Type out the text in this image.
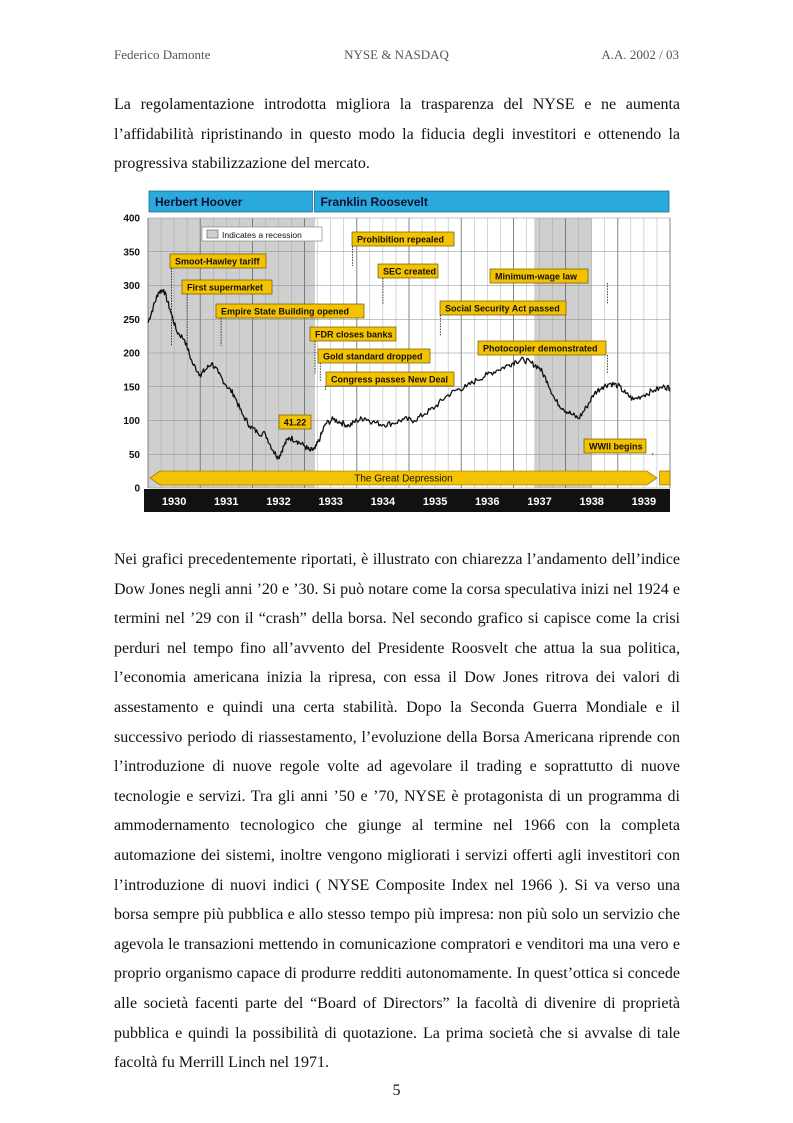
Federico Damonte	NYSE & NASDAQ	A.A. 2002 / 03

La regolamentazione introdotta migliora la trasparenza del NYSE e ne aumenta l’affidabilità ripristinando in questo modo la fiducia degli investitori e ottenendo la progressiva stabilizzazione del mercato.

Herbert Hoover	Franklin Roosevelt
0
50
100
150
200
250
300
350
400
1930	1931	1932	1933	1934	1935	1936	1937	1938	1939
Indicates a recession
The Great Depression
Smoot-Hawley tariff
First supermarket
Empire State Building opened
FDR closes banks
Gold standard dropped
Congress passes New Deal
Prohibition repealed
SEC created
Social Security Act passed
Photocopier demonstrated
Minimum-wage law
WWII begins
41.22

Nei grafici precedentemente riportati, è illustrato con chiarezza l’andamento dell’indice Dow Jones negli anni ’20 e ’30. Si può notare come la corsa speculativa inizi nel 1924 e termini nel ’29 con il “crash” della borsa. Nel secondo grafico si capisce come la crisi perduri nel tempo fino all’avvento del Presidente Roosvelt che attua la sua politica, l’economia americana inizia la ripresa, con essa il Dow Jones ritrova dei valori di assestamento e quindi una certa stabilità. Dopo la Seconda Guerra Mondiale e il successivo periodo di riassestamento, l’evoluzione della Borsa Americana riprende con l’introduzione di nuove regole volte ad agevolare il trading e soprattutto di nuove tecnologie e servizi. Tra gli anni ’50 e ’70, NYSE è protagonista di un programma di ammodernamento tecnologico che giunge al termine nel 1966 con la completa automazione dei sistemi, inoltre vengono migliorati i servizi offerti agli investitori con l’introduzione di nuovi indici ( NYSE Composite Index nel 1966 ). Si va verso una borsa sempre più pubblica e allo stesso tempo più impresa: non più solo un servizio che agevola le transazioni mettendo in comunicazione compratori e venditori ma una vero e proprio organismo capace di produrre redditi autonomamente. In quest’ottica si concede alle società facenti parte del “Board of Directors” la facoltà di divenire di proprietà pubblica e quindi la possibilità di quotazione. La prima società che si avvalse di tale facoltà fu Merrill Linch nel 1971.

5
